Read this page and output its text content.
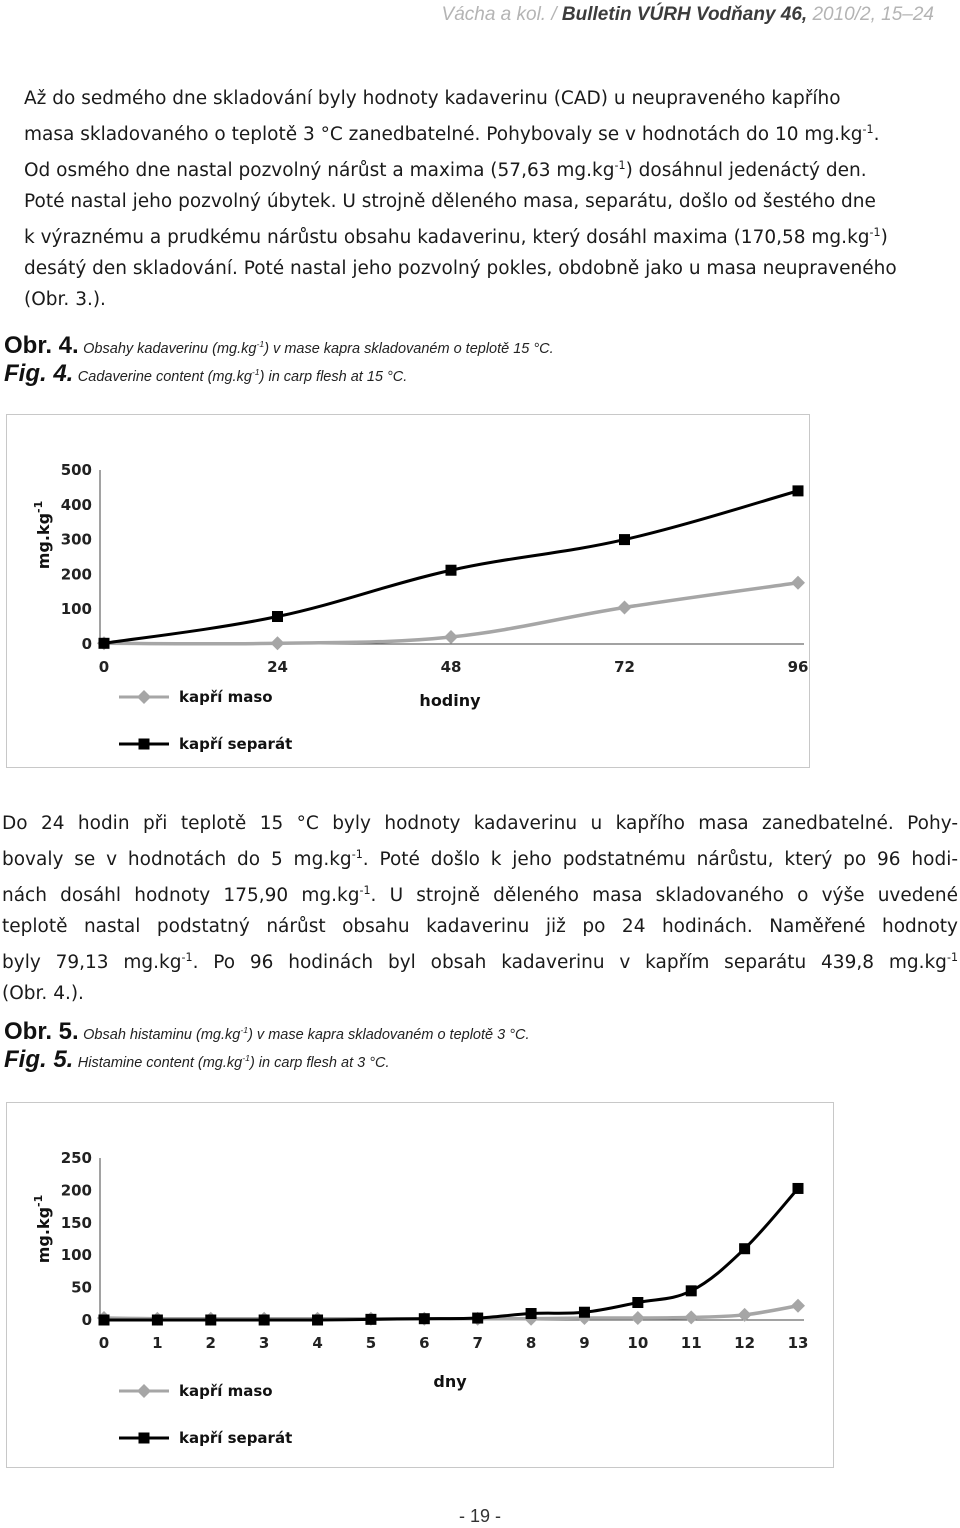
Vácha a kol. / Bulletin VÚRH Vodňany 46, 2010/2, 15–24

Až do sedmého dne skladování byly hodnoty kadaverinu (CAD) u neupraveného kapřího
masa skladovaného o teplotě 3 °C zanedbatelné. Pohybovaly se v hodnotách do 10 $mg.kg^{-1}$.
Od osmého dne nastal pozvolný nárůst a maxima (57,63 $mg.kg^{-1}$) dosáhnul jedenáctý den.
Poté nastal jeho pozvolný úbytek. U strojně děleného masa, separátu, došlo od šestého dne
k výraznému a prudkému nárůstu obsahu kadaverinu, který dosáhl maxima (170,58 $mg.kg^{-1}$)
desátý den skladování. Poté nastal jeho pozvolný pokles, obdobně jako u masa neupraveného
(Obr. 3.).

Obr. 4. Obsahy kadaverinu $(mg.kg^{-1})$ v mase kapra skladovaném o teplotě 15 °C.
Fig. 4. Cadaverine content $(mg.kg^{-1})$ in carp flesh at 15 °C.
0
100
200
300
400
500
0	24	48	72	96
$mg.kg^{-1}$
hodiny
kapří maso
kapří separát

Do 24 hodin při teplotě 15 °C byly hodnoty kadaverinu u kapřího masa zanedbatelné. Pohy-
bovaly se v hodnotách do 5 $mg.kg^{-1}$. Poté došlo k jeho podstatnému nárůstu, který po 96 hodi-
nách dosáhl hodnoty 175,90 $mg.kg^{-1}$. U strojně děleného masa skladovaného o výše uvedené
teplotě nastal podstatný nárůst obsahu kadaverinu již po 24 hodinách. Naměřené hodnoty
byly 79,13 $mg.kg^{-1}$. Po 96 hodinách byl obsah kadaverinu v kapřím separátu 439,8 $mg.kg^{-1}$
(Obr. 4.).

Obr. 5. Obsah histaminu $(mg.kg^{-1})$ v mase kapra skladovaném o teplotě 3 °C.
Fig. 5. Histamine content $(mg.kg^{-1})$ in carp flesh at 3 °C.
0
50
100
150
200
250
0	1	2	3	4	5	6	7	8	9	10 11 12 13
$mg.kg^{-1}$
dny
kapří maso
kapří separát
- 19 -
